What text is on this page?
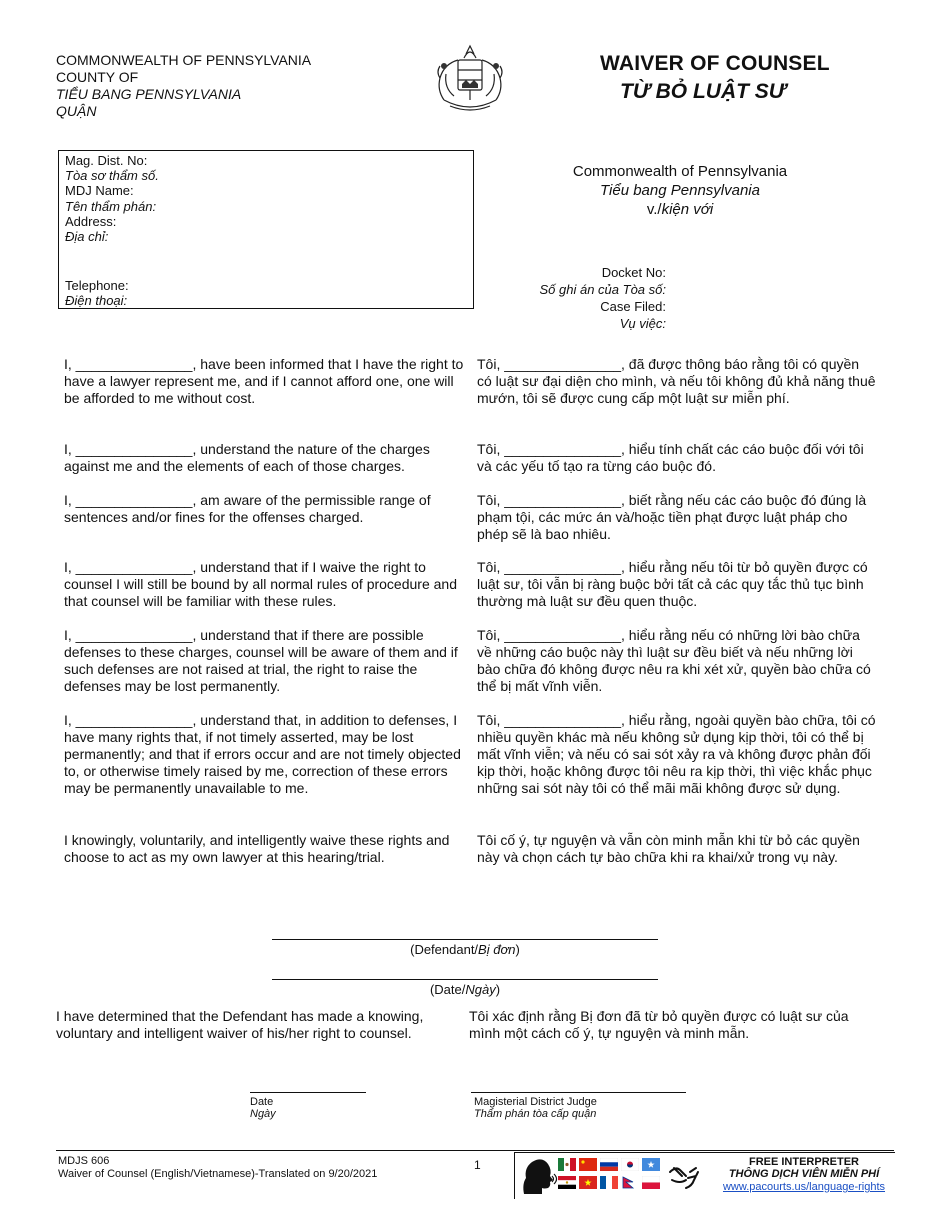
COMMONWEALTH OF PENNSYLVANIA
COUNTY OF
TIỂU BANG PENNSYLVANIA
QUẬN
WAIVER OF COUNSEL
TỪ BỎ LUẬT SƯ
Mag. Dist. No:
Tòa sơ thẩm số.
MDJ Name:
Tên thẩm phán:
Address:
Địa chỉ:
Telephone:
Điện thoại:
Commonwealth of Pennsylvania
Tiểu bang Pennsylvania
v./kiện với
Docket No:
Số ghi án của Tòa số:
Case Filed:
Vụ việc:
I, _______________, have been informed that I have the right to have a lawyer represent me, and if I cannot afford one, one will be afforded to me without cost.
I, _______________, understand the nature of the charges against me and the elements of each of those charges.
I, _______________, am aware of the permissible range of sentences and/or fines for the offenses charged.
I, _______________, understand that if I waive the right to counsel I will still be bound by all normal rules of procedure and that counsel will be familiar with these rules.
I, _______________, understand that if there are possible defenses to these charges, counsel will be aware of them and if such defenses are not raised at trial, the right to raise the defenses may be lost permanently.
I, _______________, understand that, in addition to defenses, I have many rights that, if not timely asserted, may be lost permanently; and that if errors occur and are not timely objected to, or otherwise timely raised by me, correction of these errors may be permanently unavailable to me.
I knowingly, voluntarily, and intelligently waive these rights and choose to act as my own lawyer at this hearing/trial.
Tôi, _______________, đã được thông báo rằng tôi có quyền có luật sư đại diện cho mình, và nếu tôi không đủ khả năng thuê mướn, tôi sẽ được cung cấp một luật sư miễn phí.
Tôi, _______________, hiểu tính chất các cáo buộc đối với tôi và các yếu tố tạo ra từng cáo buộc đó.
Tôi, _______________, biết rằng nếu các cáo buộc đó đúng là phạm tội, các mức án và/hoặc tiền phạt được luật pháp cho phép sẽ là bao nhiêu.
Tôi, _______________, hiểu rằng nếu tôi từ bỏ quyền được có luật sư, tôi vẫn bị ràng buộc bởi tất cả các quy tắc thủ tục bình thường mà luật sư đều quen thuộc.
Tôi, _______________, hiểu rằng nếu có những lời bào chữa về những cáo buộc này thì luật sư đều biết và nếu những lời bào chữa đó không được nêu ra khi xét xử, quyền bào chữa có thể bị mất vĩnh viễn.
Tôi, _______________, hiểu rằng, ngoài quyền bào chữa, tôi có nhiều quyền khác mà nếu không sử dụng kịp thời, tôi có thể bị mất vĩnh viễn; và nếu có sai sót xảy ra và không được phản đối kịp thời, hoặc không được tôi nêu ra kịp thời, thì việc khắc phục những sai sót này tôi có thể mãi mãi không được sử dụng.
Tôi cố ý, tự nguyện và vẫn còn minh mẫn khi từ bỏ các quyền này và chọn cách tự bào chữa khi ra khai/xử trong vụ này.
(Defendant/Bị đơn)
(Date/Ngày)
I have determined that the Defendant has made a knowing, voluntary and intelligent waiver of his/her right to counsel.
Tôi xác định rằng Bị đơn đã từ bỏ quyền được có luật sư của mình một cách cố ý, tự nguyện và minh mẫn.
Date
Ngày
Magisterial District Judge
Thẩm phán tòa cấp quận
MDJS 606
Waiver of Counsel (English/Vietnamese)-Translated on 9/20/2021
1	FREE INTERPRETER
THÔNG DỊCH VIÊN MIỄN PHÍ
www.pacourts.us/language-rights
